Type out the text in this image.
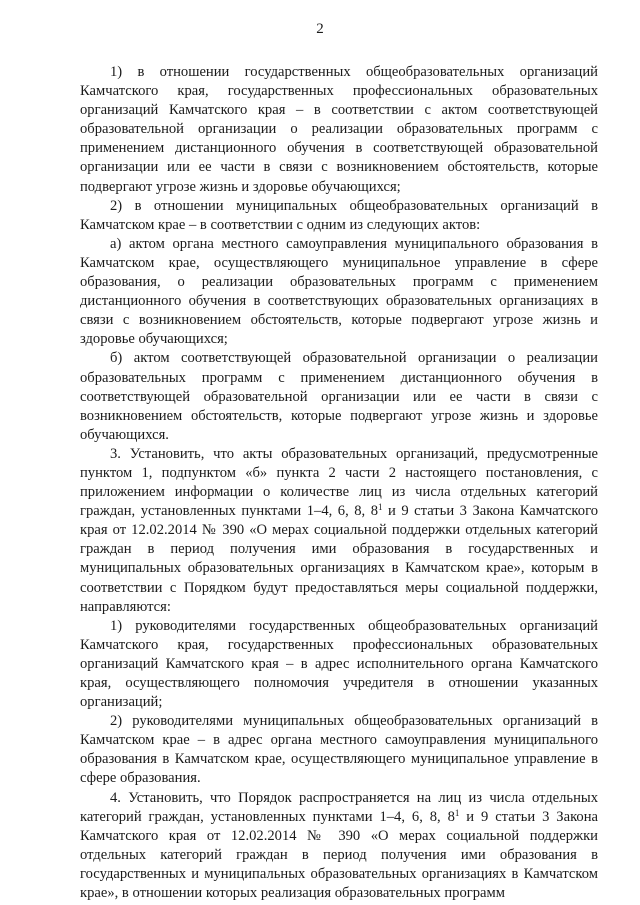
2

1) в отношении государственных общеобразовательных организаций Камчатского края, государственных профессиональных образовательных организаций Камчатского края – в соответствии с актом соответствующей образовательной организации о реализации образовательных программ с применением дистанционного обучения в соответствующей образовательной организации или ее части в связи с возникновением обстоятельств, которые подвергают угрозе жизнь и здоровье обучающихся;

2) в отношении муниципальных общеобразовательных организаций в Камчатском крае – в соответствии с одним из следующих актов:

а) актом органа местного самоуправления муниципального образования в Камчатском крае, осуществляющего муниципальное управление в сфере образования, о реализации образовательных программ с применением дистанционного обучения в соответствующих образовательных организациях в связи с возникновением обстоятельств, которые подвергают угрозе жизнь и здоровье обучающихся;

б) актом соответствующей образовательной организации о реализации образовательных программ с применением дистанционного обучения в соответствующей образовательной организации или ее части в связи с возникновением обстоятельств, которые подвергают угрозе жизнь и здоровье обучающихся.

3. Установить, что акты образовательных организаций, предусмотренные пунктом 1, подпунктом «б» пункта 2 части 2 настоящего постановления, с приложением информации о количестве лиц из числа отдельных категорий граждан, установленных пунктами 1–4, 6, 8, $8^1$ и 9 статьи 3 Закона Камчатского края от 12.02.2014 № 390 «О мерах социальной поддержки отдельных категорий граждан в период получения ими образования в государственных и муниципальных образовательных организациях в Камчатском крае», которым в соответствии с Порядком будут предоставляться меры социальной поддержки, направляются:

1) руководителями государственных общеобразовательных организаций Камчатского края, государственных профессиональных образовательных организаций Камчатского края – в адрес исполнительного органа Камчатского края, осуществляющего полномочия учредителя в отношении указанных организаций;

2) руководителями муниципальных общеобразовательных организаций в Камчатском крае – в адрес органа местного самоуправления муниципального образования в Камчатском крае, осуществляющего муниципальное управление в сфере образования.

4. Установить, что Порядок распространяется на лиц из числа отдельных категорий граждан, установленных пунктами 1–4, 6, 8, $8^1$ и 9 статьи 3 Закона Камчатского края от 12.02.2014 № 390 «О мерах социальной поддержки отдельных категорий граждан в период получения ими образования в государственных и муниципальных образовательных организациях в Камчатском крае», в отношении которых реализация образовательных программ
